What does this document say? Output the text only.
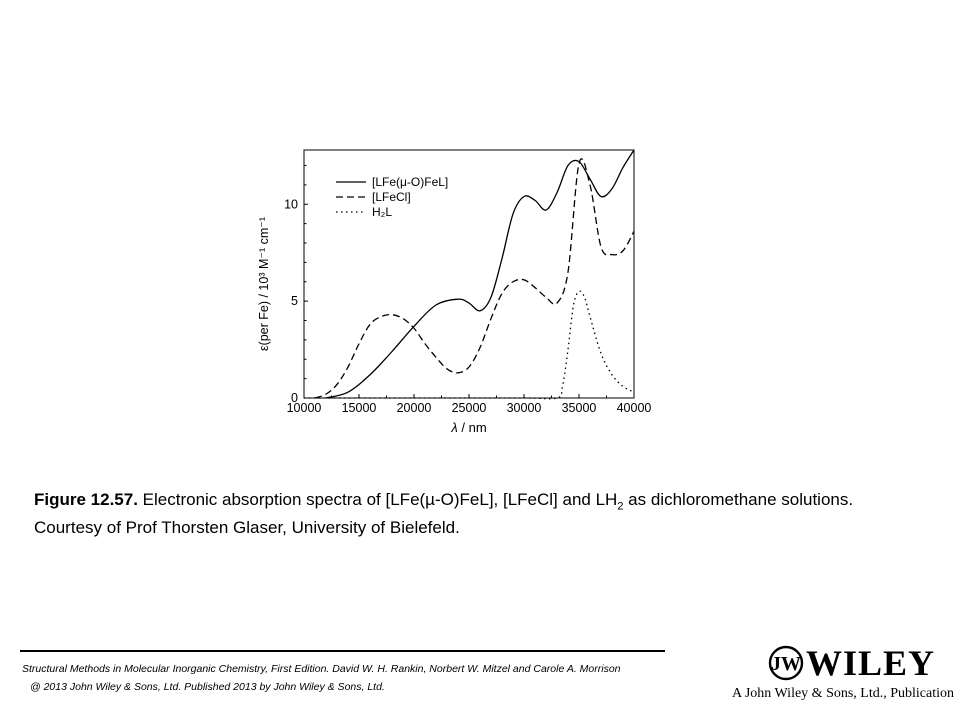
10000 15000 20000 25000 30000 35000 40000
0
5
10
λ / nm
ε(per Fe) / 10³ M⁻¹ cm⁻¹
[LFe(μ-O)FeL]
[LFeCl]
H₂L
Figure 12.57. Electronic absorption spectra of [LFe(µ-O)FeL], [LFeCl] and $LH_2$ as dichloromethane solutions.
Courtesy of Prof Thorsten Glaser, University of Bielefeld.
Structural Methods in Molecular Inorganic Chemistry, First Edition. David W. H. Rankin, Norbert W. Mitzel and Carole A. Morrison
@ 2013 John Wiley & Sons, Ltd. Published 2013 by John Wiley & Sons, Ltd.
JW WILEY
A John Wiley & Sons, Ltd., Publication
